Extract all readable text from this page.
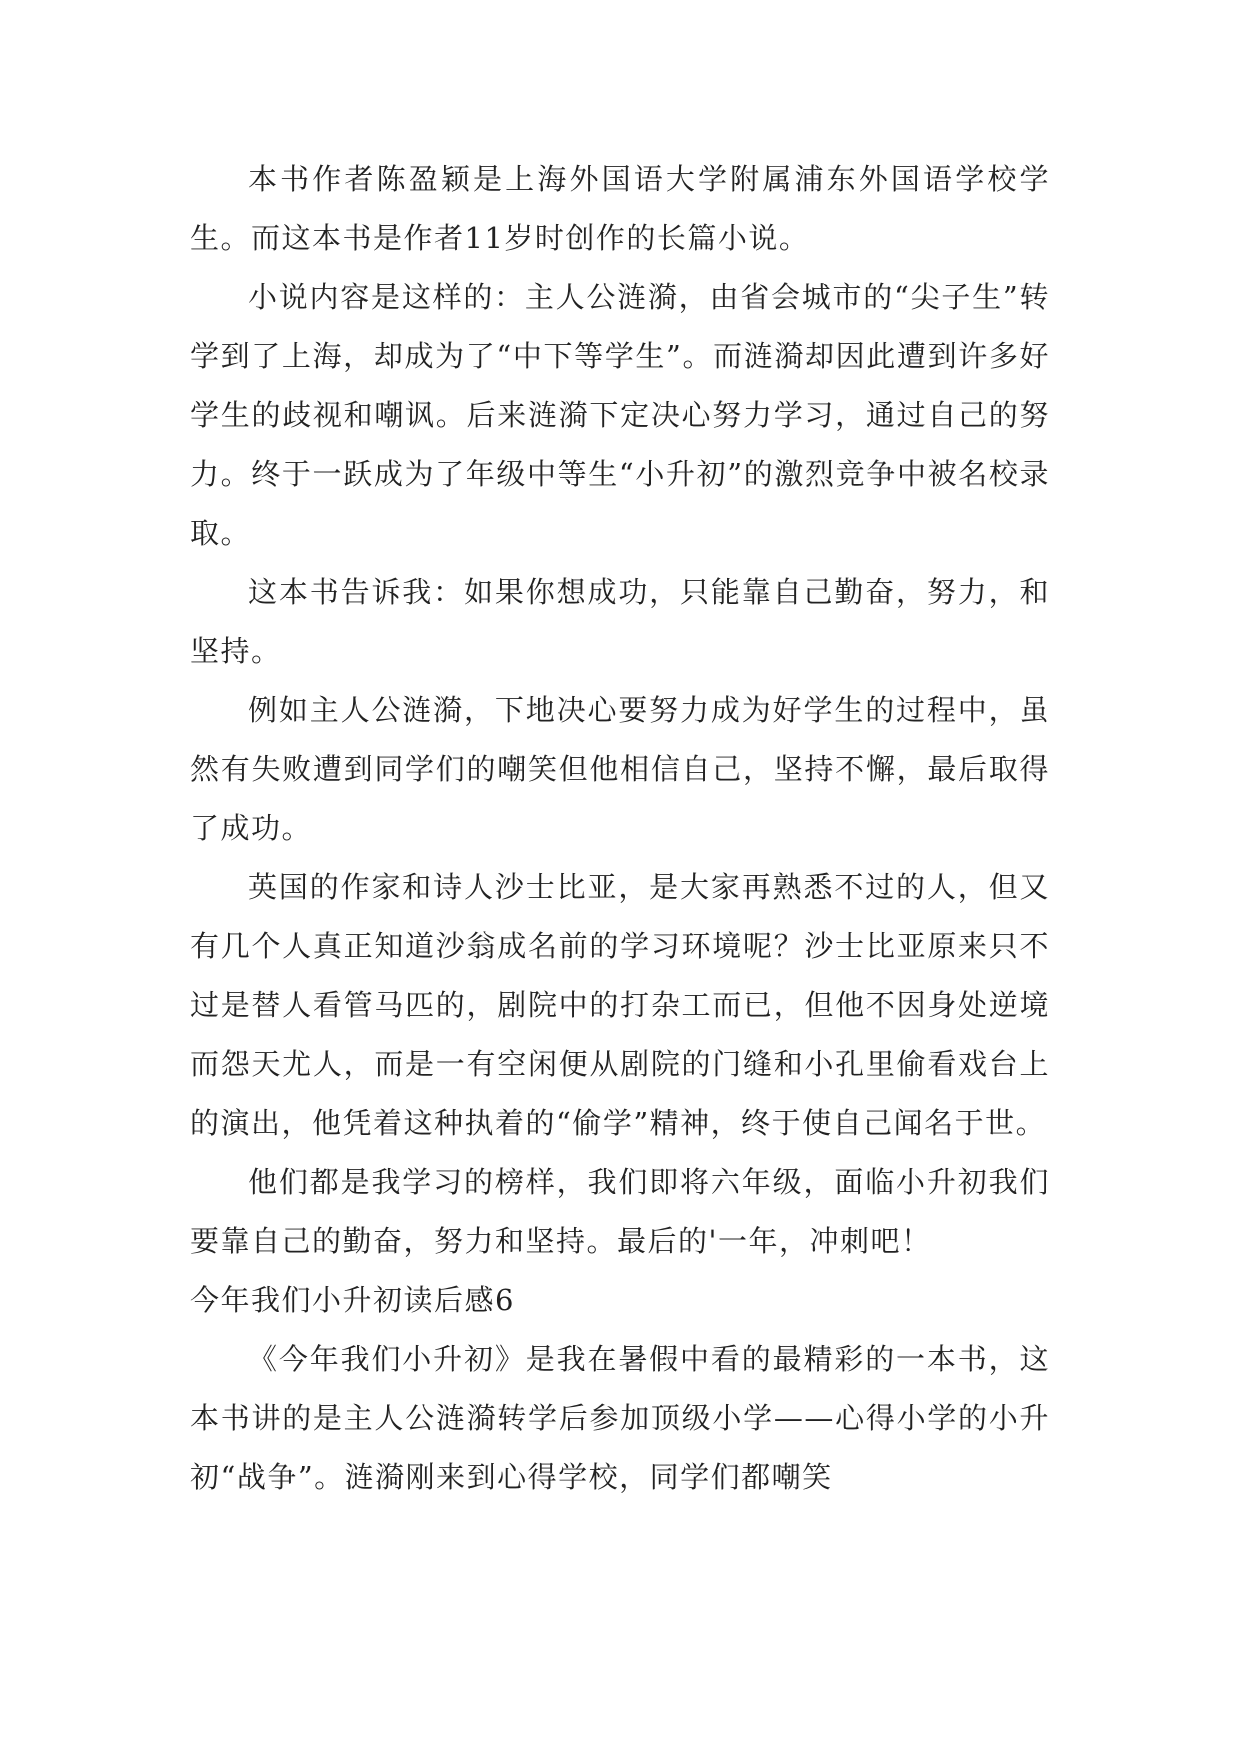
本书作者陈盈颖是上海外国语大学附属浦东外国语学校学生。而这本书是作者11岁时创作的长篇小说。

小说内容是这样的：主人公涟漪，由省会城市的“尖子生”转学到了上海，却成为了“中下等学生”。而涟漪却因此遭到许多好学生的歧视和嘲讽。后来涟漪下定决心努力学习，通过自己的努力。终于一跃成为了年级中等生“小升初”的激烈竞争中被名校录取。

这本书告诉我：如果你想成功，只能靠自己勤奋，努力，和坚持。

例如主人公涟漪，下地决心要努力成为好学生的过程中，虽然有失败遭到同学们的嘲笑但他相信自己，坚持不懈，最后取得了成功。

英国的作家和诗人沙士比亚，是大家再熟悉不过的人，但又有几个人真正知道沙翁成名前的学习环境呢？沙士比亚原来只不过是替人看管马匹的，剧院中的打杂工而已，但他不因身处逆境而怨天尤人，而是一有空闲便从剧院的门缝和小孔里偷看戏台上的演出，他凭着这种执着的“偷学”精神，终于使自己闻名于世。

他们都是我学习的榜样，我们即将六年级，面临小升初我们要靠自己的勤奋，努力和坚持。最后的'一年，冲刺吧！

今年我们小升初读后感6

《今年我们小升初》是我在暑假中看的最精彩的一本书，这本书讲的是主人公涟漪转学后参加顶级小学——心得小学的小升初“战争”。涟漪刚来到心得学校，同学们都嘲笑
